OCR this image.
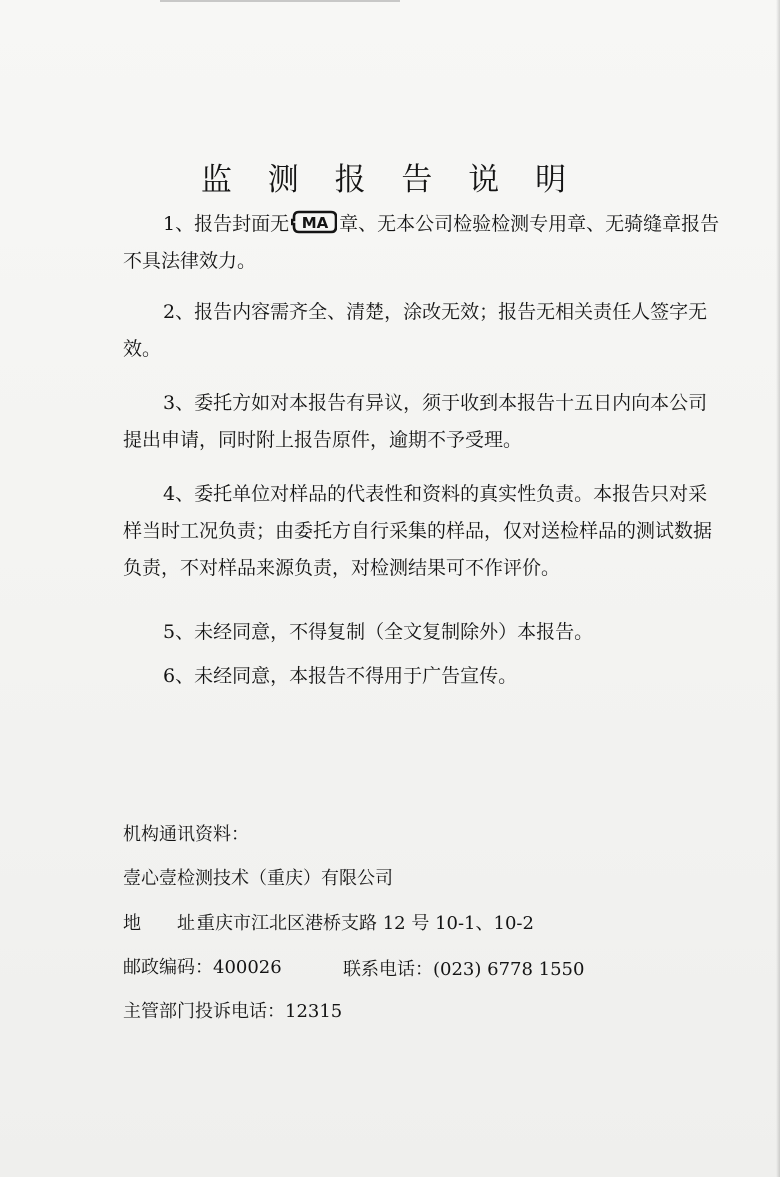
监 测 报 告 说 明

1、报告封面无 MA 章、无本公司检验检测专用章、无骑缝章报告不具法律效力。

2、报告内容需齐全、清楚，涂改无效；报告无相关责任人签字无效。

3、委托方如对本报告有异议，须于收到本报告十五日内向本公司提出申请，同时附上报告原件，逾期不予受理。

4、委托单位对样品的代表性和资料的真实性负责。本报告只对采样当时工况负责；由委托方自行采集的样品，仅对送检样品的测试数据负责，不对样品来源负责，对检测结果可不作评价。

5、未经同意，不得复制（全文复制除外）本报告。

6、未经同意，本报告不得用于广告宣传。

机构通讯资料：
壹心壹检测技术（重庆）有限公司
地　　址：重庆市江北区港桥支路 12 号 10-1、10-2
邮政编码：400026	联系电话：(023) 6778 1550
主管部门投诉电话：12315
